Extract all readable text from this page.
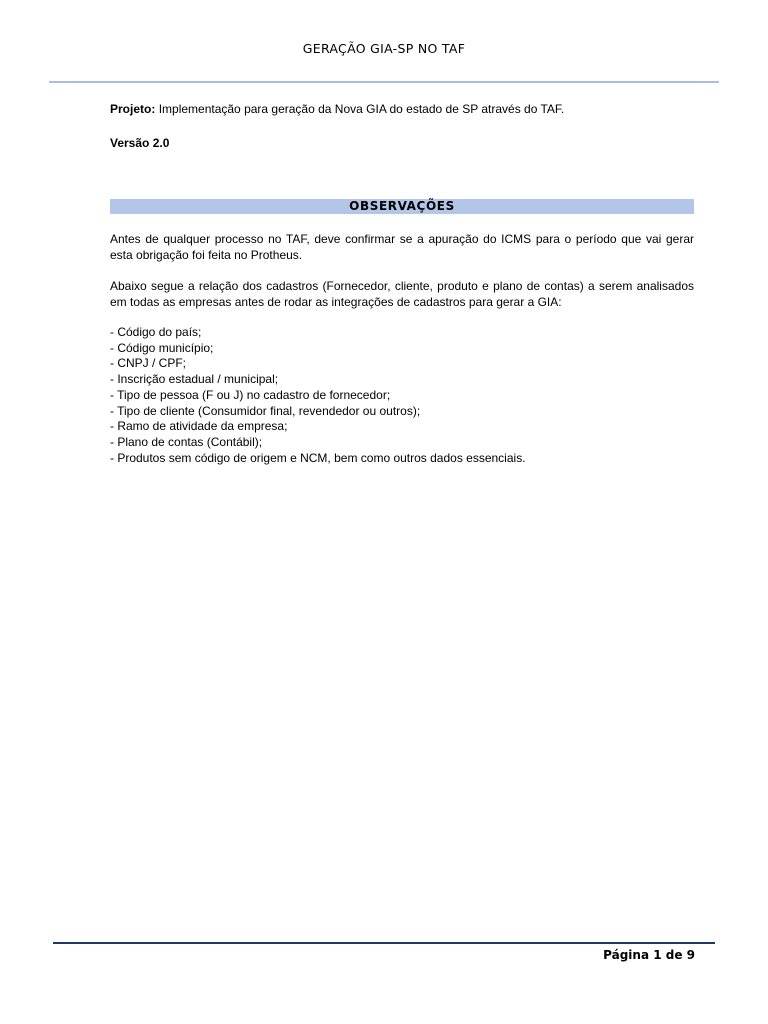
GERAÇÃO GIA-SP NO TAF

Projeto: Implementação para geração da Nova GIA do estado de SP através do TAF.

Versão 2.0

OBSERVAÇÕES

Antes de qualquer processo no TAF, deve confirmar se a apuração do ICMS para o período que vai gerar esta obrigação foi feita no Protheus.

Abaixo segue a relação dos cadastros (Fornecedor, cliente, produto e plano de contas) a serem analisados em todas as empresas antes de rodar as integrações de cadastros para gerar a GIA:

- Código do país;
- Código município;
- CNPJ / CPF;
- Inscrição estadual / municipal;
- Tipo de pessoa (F ou J) no cadastro de fornecedor;
- Tipo de cliente (Consumidor final, revendedor ou outros);
- Ramo de atividade da empresa;
- Plano de contas (Contábil);
- Produtos sem código de origem e NCM, bem como outros dados essenciais.
Página 1 de 9
